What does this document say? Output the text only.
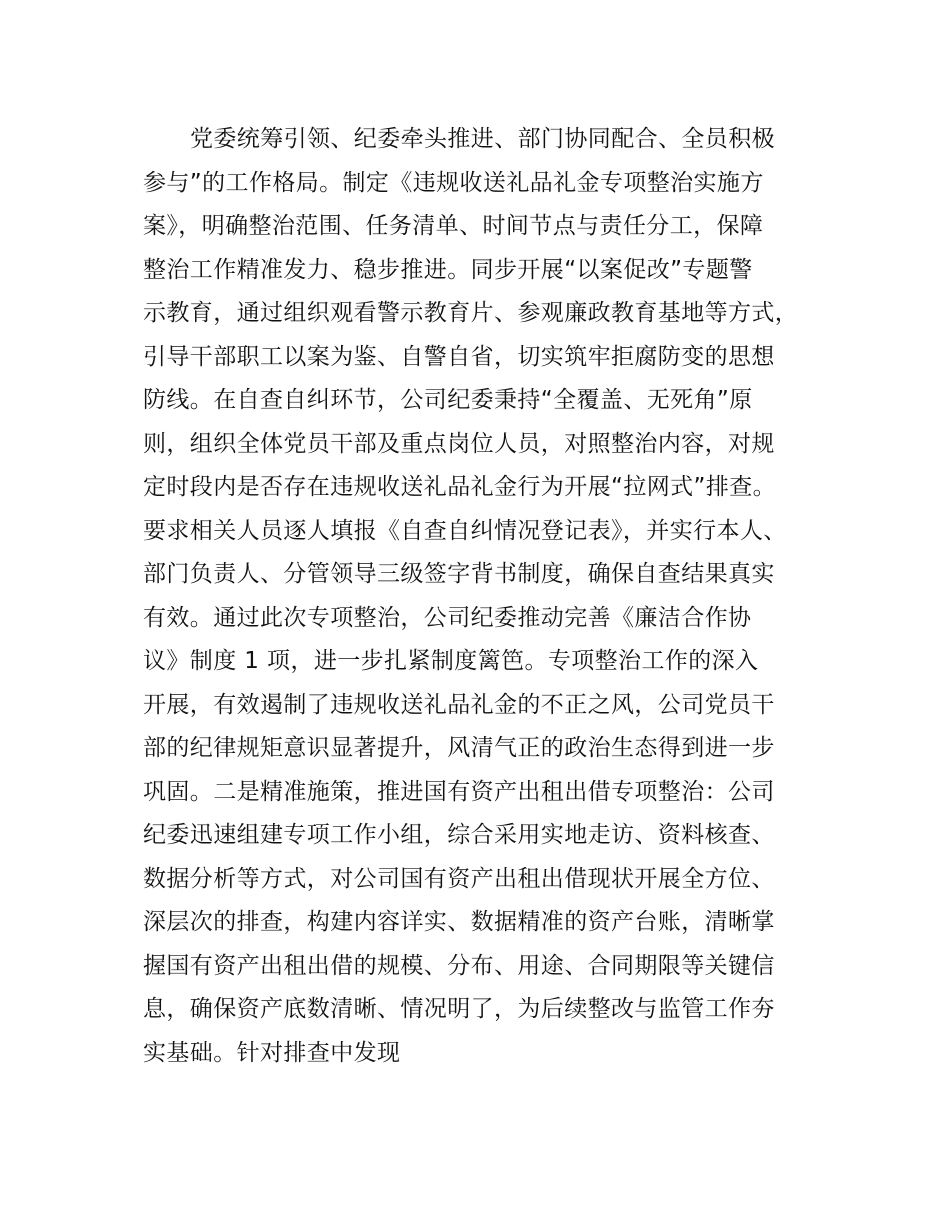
党委统筹引领、纪委牵头推进、部门协同配合、全员积极
参与”的工作格局。制定《违规收送礼品礼金专项整治实施方
案》，明确整治范围、任务清单、时间节点与责任分工，保障
整治工作精准发力、稳步推进。同步开展“以案促改”专题警
示教育，通过组织观看警示教育片、参观廉政教育基地等方式，
引导干部职工以案为鉴、自警自省，切实筑牢拒腐防变的思想
防线。在自查自纠环节，公司纪委秉持“全覆盖、无死角”原
则，组织全体党员干部及重点岗位人员，对照整治内容，对规
定时段内是否存在违规收送礼品礼金行为开展“拉网式”排查。
要求相关人员逐人填报《自查自纠情况登记表》，并实行本人、
部门负责人、分管领导三级签字背书制度，确保自查结果真实
有效。通过此次专项整治，公司纪委推动完善《廉洁合作协
议》制度 1 项，进一步扎紧制度篱笆。专项整治工作的深入
开展，有效遏制了违规收送礼品礼金的不正之风，公司党员干
部的纪律规矩意识显著提升，风清气正的政治生态得到进一步
巩固。二是精准施策，推进国有资产出租出借专项整治：公司
纪委迅速组建专项工作小组，综合采用实地走访、资料核查、
数据分析等方式，对公司国有资产出租出借现状开展全方位、
深层次的排查，构建内容详实、数据精准的资产台账，清晰掌
握国有资产出租出借的规模、分布、用途、合同期限等关键信
息，确保资产底数清晰、情况明了，为后续整改与监管工作夯
实基础。针对排查中发现
